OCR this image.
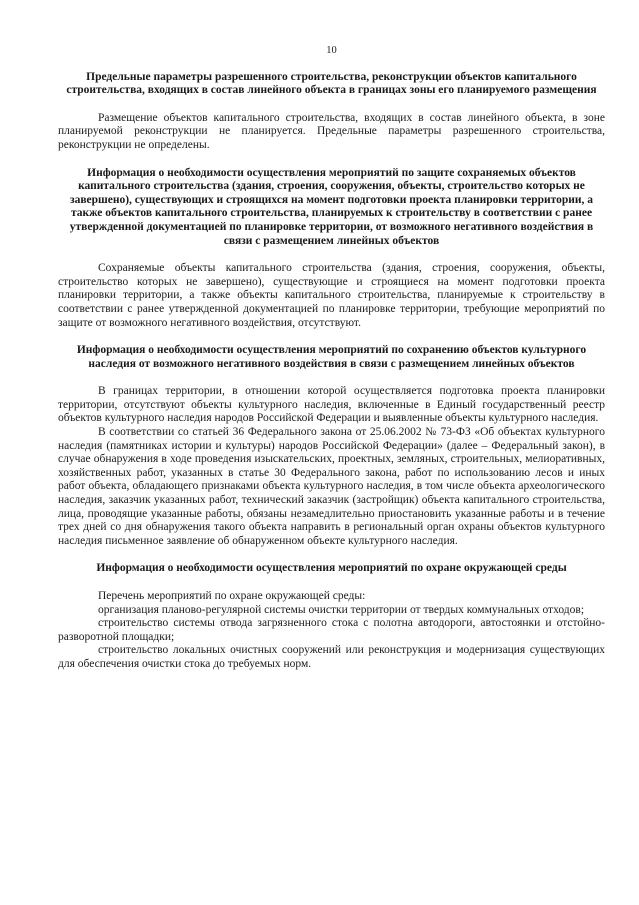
10
Предельные параметры разрешенного строительства, реконструкции объектов капитального строительства, входящих в состав линейного объекта в границах зоны его планируемого размещения

Размещение объектов капитального строительства, входящих в состав линейного объекта, в зоне планируемой реконструкции не планируется. Предельные параметры разрешенного строительства, реконструкции не определены.

Информация о необходимости осуществления мероприятий по защите сохраняемых объектов капитального строительства (здания, строения, сооружения, объекты, строительство которых не завершено), существующих и строящихся на момент подготовки проекта планировки территории, а также объектов капитального строительства, планируемых к строительству в соответствии с ранее утвержденной документацией по планировке территории, от возможного негативного воздействия в связи с размещением линейных объектов

Сохраняемые объекты капитального строительства (здания, строения, сооружения, объекты, строительство которых не завершено), существующие и строящиеся на момент подготовки проекта планировки территории, а также объекты капитального строительства, планируемые к строительству в соответствии с ранее утвержденной документацией по планировке территории, требующие мероприятий по защите от возможного негативного воздействия, отсутствуют.

Информация о необходимости осуществления мероприятий по сохранению объектов культурного наследия от возможного негативного воздействия в связи с размещением линейных объектов

В границах территории, в отношении которой осуществляется подготовка проекта планировки территории, отсутствуют объекты культурного наследия, включенные в Единый государственный реестр объектов культурного наследия народов Российской Федерации и выявленные объекты культурного наследия.

В соответствии со статьей 36 Федерального закона от 25.06.2002 № 73-ФЗ «Об объектах культурного наследия (памятниках истории и культуры) народов Российской Федерации» (далее – Федеральный закон), в случае обнаружения в ходе проведения изыскательских, проектных, земляных, строительных, мелиоративных, хозяйственных работ, указанных в статье 30 Федерального закона, работ по использованию лесов и иных работ объекта, обладающего признаками объекта культурного наследия, в том числе объекта археологического наследия, заказчик указанных работ, технический заказчик (застройщик) объекта капитального строительства, лица, проводящие указанные работы, обязаны незамедлительно приостановить указанные работы и в течение трех дней со дня обнаружения такого объекта направить в региональный орган охраны объектов культурного наследия письменное заявление об обнаруженном объекте культурного наследия.

Информация о необходимости осуществления мероприятий по охране окружающей среды

Перечень мероприятий по охране окружающей среды:

организация планово-регулярной системы очистки территории от твердых коммунальных отходов;

строительство системы отвода загрязненного стока с полотна автодороги, автостоянки и отстойно-разворотной площадки;

строительство локальных очистных сооружений или реконструкция и модернизация существующих для обеспечения очистки стока до требуемых норм.
